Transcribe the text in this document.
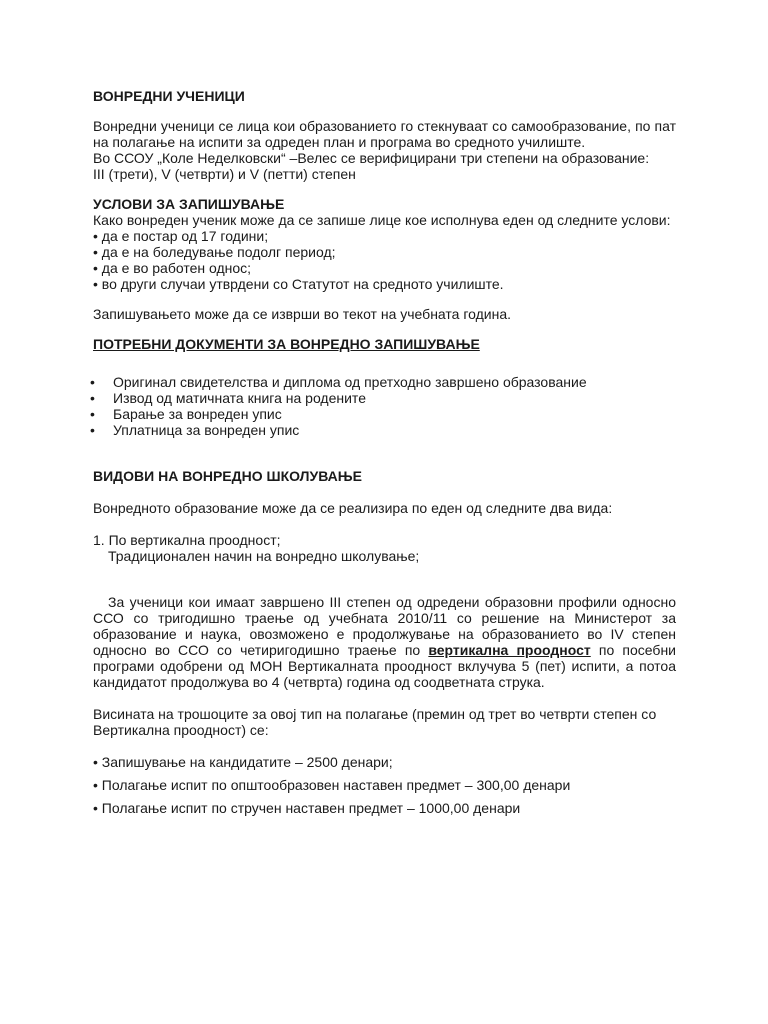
ВОНРЕДНИ УЧЕНИЦИ

Вонредни ученици се лица кои образованието го стекнуваат со самообразование, по пат на полагање на испити за одреден план и програма во средното училиште.

Во ССОУ „Коле Неделковски“ –Велес се верифицирани три степени на образование:

III (трети), V (четврти) и V (петти) степен

УСЛОВИ ЗА ЗАПИШУВАЊЕ

Како вонреден ученик може да се запише лице кое исполнува еден од следните услови:

• да е постар од 17 години;
• да е на боледување подолг период;
• да е во работен однос;
• во други случаи утврдени со Статутот на средното училиште.

Запишувањето може да се изврши во текот на учебната година.

ПОТРЕБНИ ДОКУМЕНТИ ЗА ВОНРЕДНО ЗАПИШУВАЊЕ
• Оригинал свидетелства и диплома од претходно завршено образование
• Извод од матичната книга на родените
• Барање за вонреден упис
• Уплатница за вонреден упис
ВИДОВИ НА ВОНРЕДНО ШКОЛУВАЊЕ

Вонредното образование може да се реализира по еден од следните два вида:

1. По вертикална проодност;

Традиционален начин на вонредно школување;

За ученици кои имаат завршено III степен од одредени образовни профили односно ССО со тригодишно траење од учебната 2010/11 со решение на Министерот за образование и наука, овозможено е продолжување на образованието во IV степен односно во ССО со четиригодишно траење по вертикална проодност по посебни програми одобрени од МОН Вертикалната проодност вклучува 5 (пет) испити, а потоа кандидатот продолжува во 4 (четврта) година од соодветната струка.

Висината на трошоците за овој тип на полагање (премин од трет во четврти степен со Вертикална проодност) се:

• Запишување на кандидатите – 2500 денари;
• Полагање испит по општообразовен наставен предмет – 300,00 денари
• Полагање испит по стручен наставен предмет – 1000,00 денари
